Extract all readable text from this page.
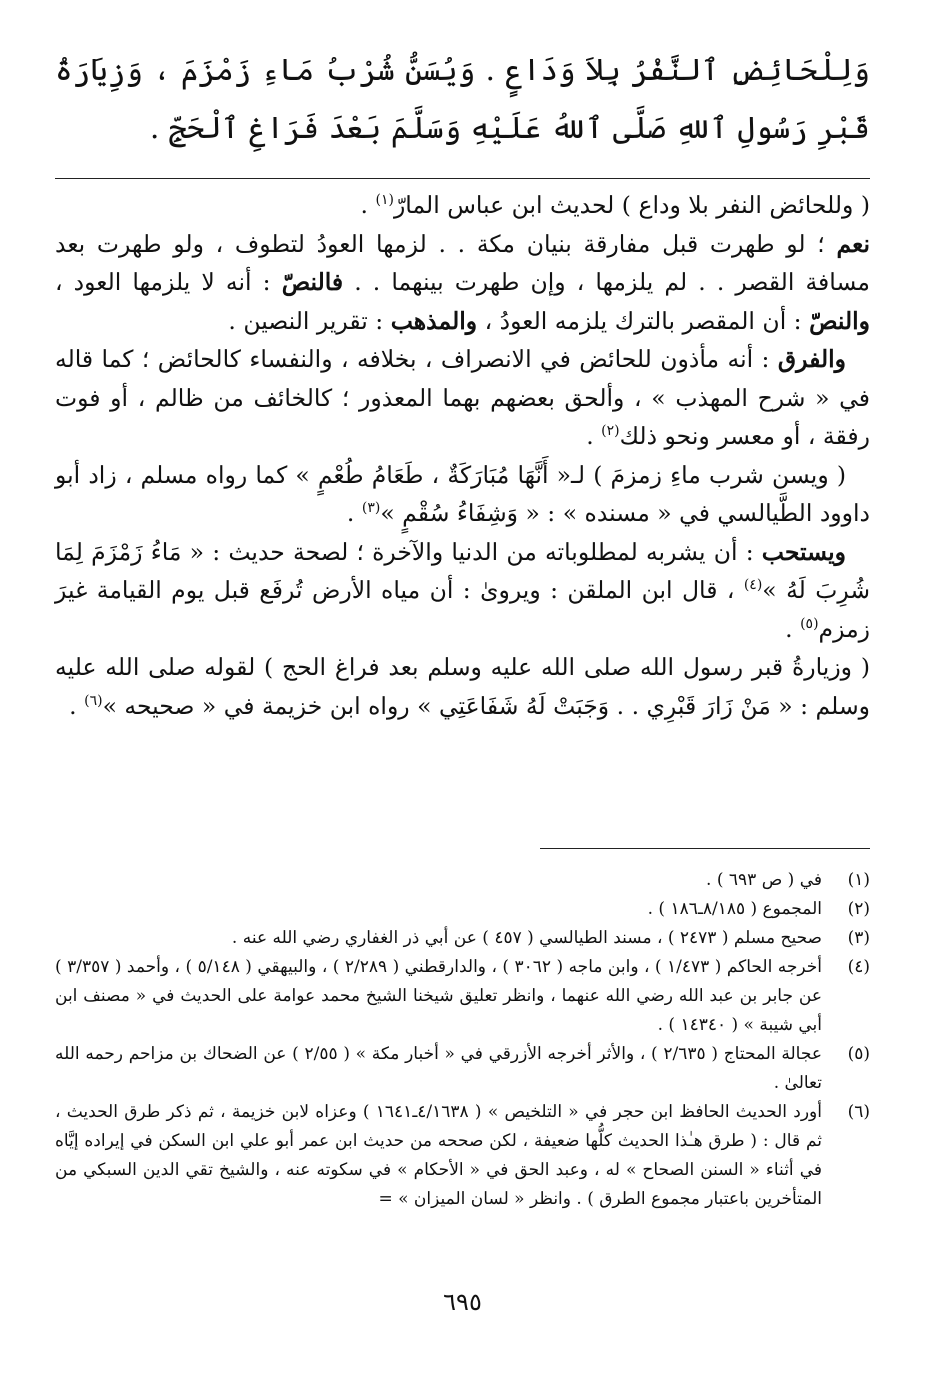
وَلِلْحَائِضِ ٱلنَّفْرُ بِلاَ وَدَاعٍ . وَيُسَنُّ شُرْبُ مَاءِ زَمْزَمَ ، وَزِيَارَةُ قَبْرِ رَسُولِ ٱللهِ صَلَّى ٱللهُ عَلَيْهِ وَسَلَّمَ بَعْدَ فَرَاغِ ٱلْحَجِّ .

( وللحائض النفر بلا وداع ) لحديث ابن عباس المارّ$^{(١)}$ .

نعم ؛ لو طهرت قبل مفارقة بنيان مكة . . لزمها العودُ لتطوف ، ولو طهرت بعد مسافة القصر . . لم يلزمها ، وإن طهرت بينهما . . فالنصّ : أنه لا يلزمها العود ، والنصّ : أن المقصر بالترك يلزمه العودُ ، والمذهب : تقرير النصين .

والفرق : أنه مأذون للحائض في الانصراف ، بخلافه ، والنفساء كالحائض ؛ كما قاله في « شرح المهذب » ، وألحق بعضهم بهما المعذور ؛ كالخائف من ظالم ، أو فوت رفقة ، أو معسر ونحو ذلك$^{(٢)}$ .

( ويسن شرب ماءِ زمزمَ ) لـ« أَنَّهَا مُبَارَكَةٌ ، طَعَامُ طُعْمٍ » كما رواه مسلم ، زاد أبو داوود الطَّيالسي في « مسنده » : « وَشِفَاءُ سُقْمٍ »$^{(٣)}$ .

ويستحب : أن يشربه لمطلوباته من الدنيا والآخرة ؛ لصحة حديث : « مَاءُ زَمْزَمَ لِمَا شُرِبَ لَهُ »$^{(٤)}$ ، قال ابن الملقن : ويروىٰ : أن مياه الأرض تُرفَع قبل يوم القيامة غيرَ زمزم$^{(٥)}$ .

( وزيارةُ قبر رسول الله صلى الله عليه وسلم بعد فراغ الحج ) لقوله صلى الله عليه وسلم : « مَنْ زَارَ قَبْرِي . . وَجَبَتْ لَهُ شَفَاعَتِي » رواه ابن خزيمة في « صحيحه »$^{(٦)}$ .

(١)
في ( ص ٦٩٣ ) .
(٢)
المجموع ( ٨/١٨٥ـ١٨٦ ) .
(٣)
صحيح مسلم ( ٢٤٧٣ ) ، مسند الطيالسي ( ٤٥٧ ) عن أبي ذر الغفاري رضي الله عنه .
(٤)
أخرجه الحاكم ( ١/٤٧٣ ) ، وابن ماجه ( ٣٠٦٢ ) ، والدارقطني ( ٢/٢٨٩ ) ، والبيهقي ( ٥/١٤٨ ) ، وأحمد ( ٣/٣٥٧ ) عن جابر بن عبد الله رضي الله عنهما ، وانظر تعليق شيخنا الشيخ محمد عوامة على الحديث في « مصنف ابن أبي شيبة » ( ١٤٣٤٠ ) .
(٥)
عجالة المحتاج ( ٢/٦٣٥ ) ، والأثر أخرجه الأزرقي في « أخبار مكة » ( ٢/٥٥ ) عن الضحاك بن مزاحم رحمه الله تعالىٰ .
(٦)
أورد الحديث الحافظ ابن حجر في « التلخيص » ( ٤/١٦٣٨ـ١٦٤١ ) وعزاه لابن خزيمة ، ثم ذكر طرق الحديث ، ثم قال : ( طرق هـٰذا الحديث كلُّها ضعيفة ، لكن صححه من حديث ابن عمر أبو علي ابن السكن في إيراده إيَّاه في أثناء « السنن الصحاح » له ، وعبد الحق في « الأحكام » في سكوته عنه ، والشيخ تقي الدين السبكي من المتأخرين باعتبار مجموع الطرق ) . وانظر « لسان الميزان » =
٦٩٥
